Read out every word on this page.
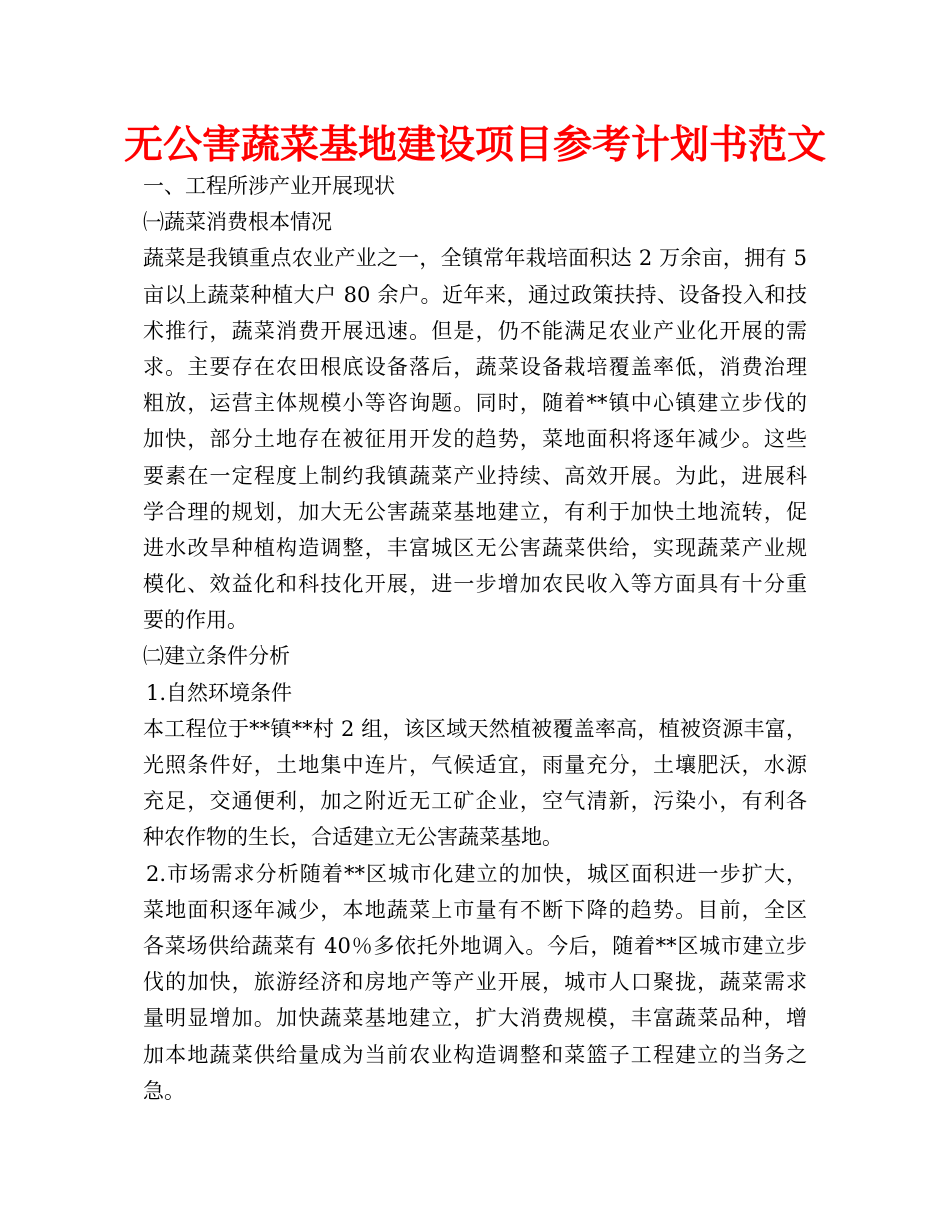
无公害蔬菜基地建设项目参考计划书范文
一、工程所涉产业开展现状
㈠蔬菜消费根本情况
蔬菜是我镇重点农业产业之一，全镇常年栽培面积达 2 万余亩，拥有 5
亩以上蔬菜种植大户 80 余户。近年来，通过政策扶持、设备投入和技
术推行，蔬菜消费开展迅速。但是，仍不能满足农业产业化开展的需
求。主要存在农田根底设备落后，蔬菜设备栽培覆盖率低，消费治理
粗放，运营主体规模小等咨询题。同时，随着**镇中心镇建立步伐的
加快，部分土地存在被征用开发的趋势，菜地面积将逐年减少。这些
要素在一定程度上制约我镇蔬菜产业持续、高效开展。为此，进展科
学合理的规划，加大无公害蔬菜基地建立，有利于加快土地流转，促
进水改旱种植构造调整，丰富城区无公害蔬菜供给，实现蔬菜产业规
模化、效益化和科技化开展，进一步增加农民收入等方面具有十分重
要的作用。
㈡建立条件分析
1.自然环境条件
本工程位于**镇**村 2 组，该区域天然植被覆盖率高，植被资源丰富，
光照条件好，土地集中连片，气候适宜，雨量充分，土壤肥沃，水源
充足，交通便利，加之附近无工矿企业，空气清新，污染小，有利各
种农作物的生长，合适建立无公害蔬菜基地。
2.市场需求分析随着**区城市化建立的加快，城区面积进一步扩大，
菜地面积逐年减少，本地蔬菜上市量有不断下降的趋势。目前，全区
各菜场供给蔬菜有 40％多依托外地调入。今后，随着**区城市建立步
伐的加快，旅游经济和房地产等产业开展，城市人口聚拢，蔬菜需求
量明显增加。加快蔬菜基地建立，扩大消费规模，丰富蔬菜品种，增
加本地蔬菜供给量成为当前农业构造调整和菜篮子工程建立的当务之
急。
